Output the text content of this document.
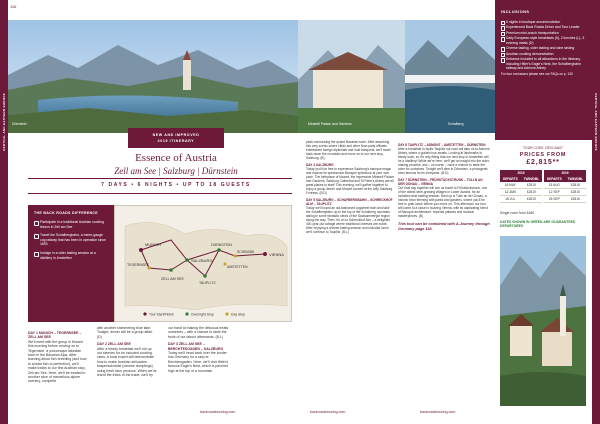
CENTRAL AND EASTERN EUROPE
116
Dürnstein	Mirabell Palace and Gardens	Schafberg
NEW AND IMPROVED
2019 ITINERARY
Essence of Austria
Zell am See | Salzburg | Dürnstein
7 DAYS • 6 NIGHTS • UP TO 18 GUESTS
THE BACK ROADS DIFFERENCE
Participate in a traditional Austrian cooking lesson in Zell am See
Travel the Schafbergbahn, a metre-gauge cog railway that has been in operation since 1893
Indulge in a cider tasting session at a distillery in Amstetten
MUNICH
SALZBURG
TEGERNSEE
ZELL AM SEE
DÜRNSTEIN
SCHEIBBS	VIENNA
AMSTETTEN
TAUPLITZ
Tour Start/Finish	Overnight Stop	Day Stop

DAY 1 MUNICH – TEGERNSEE – ZELL AM SEE
We'll meet with the group in Munich this morning before moving on to Tegernsee, a picturesque lakeside town in the Bavarian Alps. After learning about fish breeding (and how to smoke fish to perfection), we'll make tracks to our first Austrian stop, Zell am See. Here, we'll be treated to another slice of marvellous alpine scenery, complete

with another shimmering blue lake. Tonight, dinner will be a group affair. (D)

DAY 2 ZELL AM SEE
After a hearty breakfast we'll roll up our sleeves for an included cooking class. A local expert will demonstrate how to make Austrian delicacies kaspressknödel (cheese dumplings) using fresh farm produce. When we've learnt the tricks of the trade, we'll try

our hand at making the delicious treats ourselves – with a chance to taste the fruits of our labour afterwards. (B,L)

DAY 3 ZELL AM SEE – BERCHTESGADEN – SALZBURG
Today we'll head back over the border into Germany for a stop at Berchtesgaden. Here, we'll visit Hitler's famous Eagle's Nest, which is perched high at the top of a mountain

backroadstouring.com

peak overlooking the quaint Bavarian town. After absorbing this very scenic where Hitler and other Nazi party officials entertained foreign diplomats and hold banquets, we'll travel back down the mountain and move on to our next stop, Salzburg. (B)

DAY 4 SALZBURG
Today you'll be free to experience Salzburg's baroque magic and explore its spectacular Baroque splendour at your own pace. The birthplace of Mozart, the impressive Mirabell Palace and Gardens, Salzburg Cathedral and St Peter's Abbey are all great places to start! This evening, we'll gather together to enjoy a group dinner and Mozart concert at the lofty Salzburg Fortress. (B,D)

DAY 5 SALZBURG – SCHAFBERGBAHN – SCHRECKHOF ALM – TAUPLITZ
Today we'll board an old-fashioned cogwheel train and take the Schafbergbahn up to the top of the Schafberg mountain, taking in some fantastic views of the Salzkammergut region along the way. Then, it's on to Schreckhof Alm – a delightful 400-year-old cottage where traditional cheeses are made. After enjoying a cheese tasting session and included lunch we'll continue to Tauplitz. (B,L)

backroadstouring.com

DAY 6 TAUPLITZ – ADMONT – AMSTETTEN – DÜRNSTEIN
After a breakfast in idyllic Tauplitz our road will take us to Admont Abbey, where a guided tour awaits. Looking at landmarks is thirsty work, so it's only fitting that our next stop in Amstetten will be a distillery! While we're here, we'll get an insight into the cider-making process, and – of course – have a chance to taste the cider for ourselves. Tonight we'll dine in Dürnstein, a photogenic town famous for its vineyards. (B,D)

DAY 7 DÜRNSTEIN – FRÜHSTÜCKSTRUNK – TULLN AN DER DONAU – VIENNA
Our final day together will see us travel to Frühstückstrunk, one of the oldest wine-growing villages in Lower Austria, for an included wine tasting session. Next up is Tulln an der Donau, a historic town teeming with parks and gardens, where you'll be free to grab lunch before you move on. This afternoon our tour will come to a close in buzzing Vienna, with its captivating blend of Baroque architecture, imperial palaces and musical masterpieces. (B)

This tour can be combined with A Journey through Germany page 118.

backroadstouring.com
CENTRAL AND EASTERN EUROPE
INCLUSIONS
6 nights in boutique accommodation
Experienced Back Roads Driver and Tour Leader
Premium mini-coach transportation
Daily European-style breakfasts (6), 2 lunches (L), 3 evening meals (D)
Cheese tasting, cider tasting and wine tasting
Austrian cooking demonstration
Entrance included to all attractions in the itinerary, including Hitler's Eagle's Nest, the Schafbergbahn railway and Admont Abbey
For tour exclusions please see our FAQs on p. 130
TOUR CODE: DEVCAA07
PRICES FROM
£2,815**
2019	
DEPARTS	TWIN/DBL
16 MAY	£2815
12 JUN	£2815
18 JUL	£2815
2019	
DEPARTS	TWIN/DBL
15 AUG	£2815
12 SEP	£2815
26 SEP	£2815
Single room from £460
DATES SHOWN IN GREEN ARE GUARANTEED DEPARTURES
